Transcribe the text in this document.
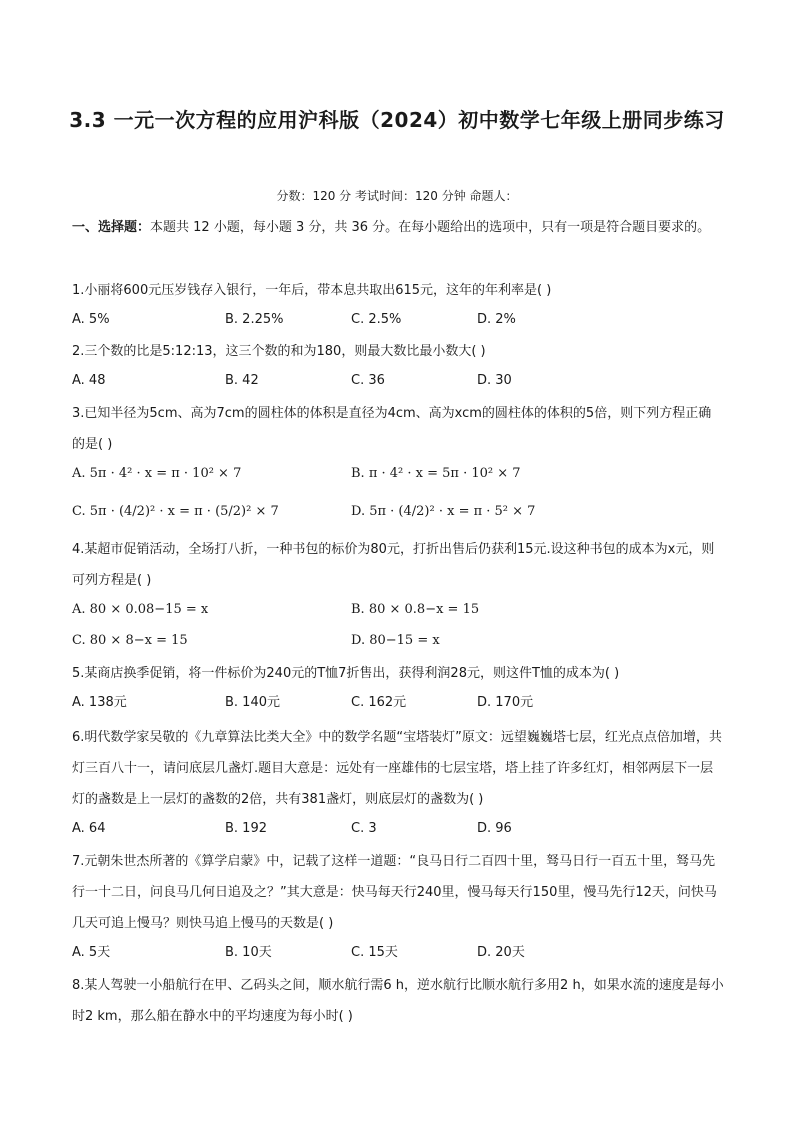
3.3 一元一次方程的应用沪科版（2024）初中数学七年级上册同步练习
分数：120 分 考试时间：120 分钟 命题人：
一、选择题：本题共 12 小题，每小题 3 分，共 36 分。在每小题给出的选项中，只有一项是符合题目要求的。
1.小丽将600元压岁钱存入银行，一年后，带本息共取出615元，这年的年利率是( )
A. 5%	B. 2.25%	C. 2.5%	D. 2%
2.三个数的比是5:12:13，这三个数的和为180，则最大数比最小数大( )
A. 48	B. 42	C. 36	D. 30
3.已知半径为5cm、高为7cm的圆柱体的体积是直径为4cm、高为xcm的圆柱体的体积的5倍，则下列方程正确的是( )
A. 5π · 4² · x = π · 10² × 7	B. π · 4² · x = 5π · 10² × 7
C. 5π · (4/2)² · x = π · (5/2)² × 7	D. 5π · (4/2)² · x = π · 5² × 7
4.某超市促销活动，全场打八折，一种书包的标价为80元，打折出售后仍获利15元.设这种书包的成本为x元，则可列方程是( )
A. 80 × 0.08−15 = x	B. 80 × 0.8−x = 15
C. 80 × 8−x = 15	D. 80−15 = x
5.某商店换季促销，将一件标价为240元的T恤7折售出，获得利润28元，则这件T恤的成本为( )
A. 138元	B. 140元	C. 162元	D. 170元
6.明代数学家吴敬的《九章算法比类大全》中的数学名题“宝塔装灯”原文：远望巍巍塔七层，红光点点倍加增，共灯三百八十一，请问底层几盏灯.题目大意是：远处有一座雄伟的七层宝塔，塔上挂了许多红灯，相邻两层下一层灯的盏数是上一层灯的盏数的2倍，共有381盏灯，则底层灯的盏数为( )
A. 64	B. 192	C. 3	D. 96
7.元朝朱世杰所著的《算学启蒙》中，记载了这样一道题：“良马日行二百四十里，驽马日行一百五十里，驽马先行一十二日，问良马几何日追及之？”其大意是：快马每天行240里，慢马每天行150里，慢马先行12天，问快马几天可追上慢马？则快马追上慢马的天数是( )
A. 5天	B. 10天	C. 15天	D. 20天
8.某人驾驶一小船航行在甲、乙码头之间，顺水航行需6 h，逆水航行比顺水航行多用2 h，如果水流的速度是每小时2 km，那么船在静水中的平均速度为每小时( )
